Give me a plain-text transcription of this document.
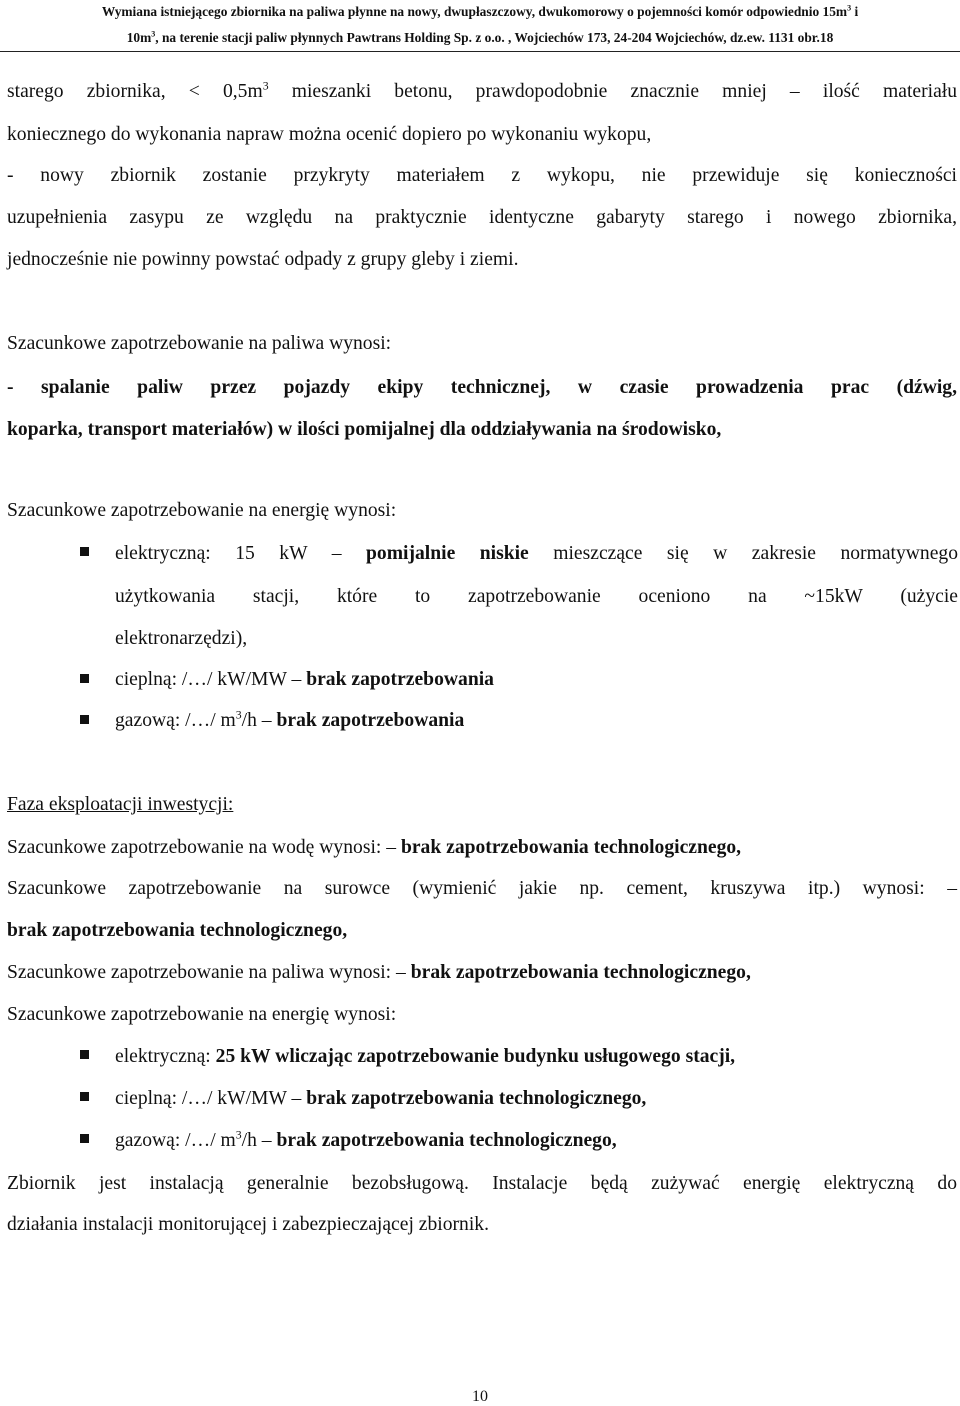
Wymiana istniejącego zbiornika na paliwa płynne na nowy, dwupłaszczowy, dwukomorowy o pojemności komór odpowiednio $15m^3$ i
$10m^3$, na terenie stacji paliw płynnych Pawtrans Holding Sp. z o.o. , Wojciechów 173, 24-204 Wojciechów, dz.ew. 1131 obr.18
starego zbiornika, < $0,5m^3$ mieszanki betonu, prawdopodobnie znacznie mniej – ilość materiału
koniecznego do wykonania napraw można ocenić dopiero po wykonaniu wykopu,
- nowy zbiornik zostanie przykryty materiałem z wykopu, nie przewiduje się konieczności
uzupełnienia zasypu ze względu na praktycznie identyczne gabaryty starego i nowego zbiornika,
jednocześnie nie powinny powstać odpady z grupy gleby i ziemi.
Szacunkowe zapotrzebowanie na paliwa wynosi:
- spalanie paliw przez pojazdy ekipy technicznej, w czasie prowadzenia prac (dźwig,
koparka, transport materiałów) w ilości pomijalnej dla oddziaływania na środowisko,
Szacunkowe zapotrzebowanie na energię wynosi:
elektryczną: 15 kW – pomijalnie niskie mieszczące się w zakresie normatywnego
użytkowania stacji, które to zapotrzebowanie oceniono na ~15kW (użycie
elektronarzędzi),
cieplną: /…/ kW/MW – brak zapotrzebowania
gazową: /…/ $m^3/h$ – brak zapotrzebowania
Faza eksploatacji inwestycji:
Szacunkowe zapotrzebowanie na wodę wynosi: – brak zapotrzebowania technologicznego,
Szacunkowe zapotrzebowanie na surowce (wymienić jakie np. cement, kruszywa itp.) wynosi: –
brak zapotrzebowania technologicznego,
Szacunkowe zapotrzebowanie na paliwa wynosi: – brak zapotrzebowania technologicznego,
Szacunkowe zapotrzebowanie na energię wynosi:
elektryczną: 25 kW wliczając zapotrzebowanie budynku usługowego stacji,
cieplną: /…/ kW/MW – brak zapotrzebowania technologicznego,
gazową: /…/ $m^3/h$ – brak zapotrzebowania technologicznego,
Zbiornik jest instalacją generalnie bezobsługową. Instalacje będą zużywać energię elektryczną do
działania instalacji monitorującej i zabezpieczającej zbiornik.
10
